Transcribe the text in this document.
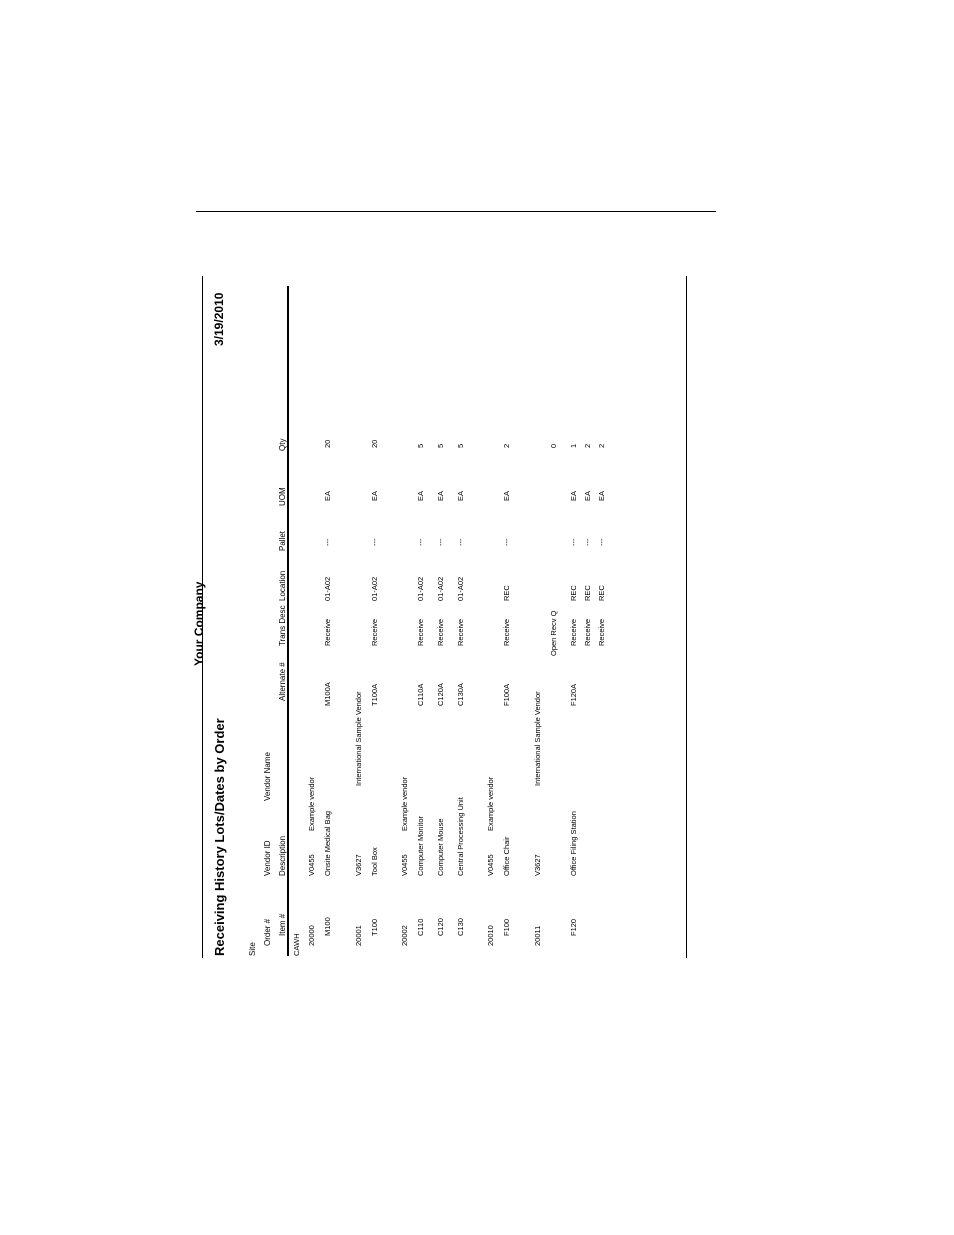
Receiving History Lots/Dates by Order
Your Company
3/19/2010
Site
Order # Item #
Vendor ID Description
Vendor Name
Alternate #
Trans Desc
Location
Pallet
UOM
Qty
CAWH 20000
V0455
Example vendor
M100
Onsite Medical Bag
M100A
Receive
01-A02
---
EA
20
20001
V3627
International Sample Vendor
T100
Tool Box
T100A
Receive
01-A02
---
EA
20
20002
V0455
Example vendor
C110
Computer Monitor
C110A
Receive
01-A02
---
EA
5
C120
Computer Mouse
C120A
Receive
01-A02
---
EA
5
C130
Central Processing Unit
C130A
Receive
01-A02
---
EA
5
20010
V0455
Example vendor
F100
Office Chair
F100A
Receive
REC
---
EA
2
20011
V3627
International Sample Vendor
Open Recv Q
0
F120
Office Filing Station
F120A
Receive
REC
---
EA
1
Receive
REC
---
EA
2
Receive
REC
---
EA
2
